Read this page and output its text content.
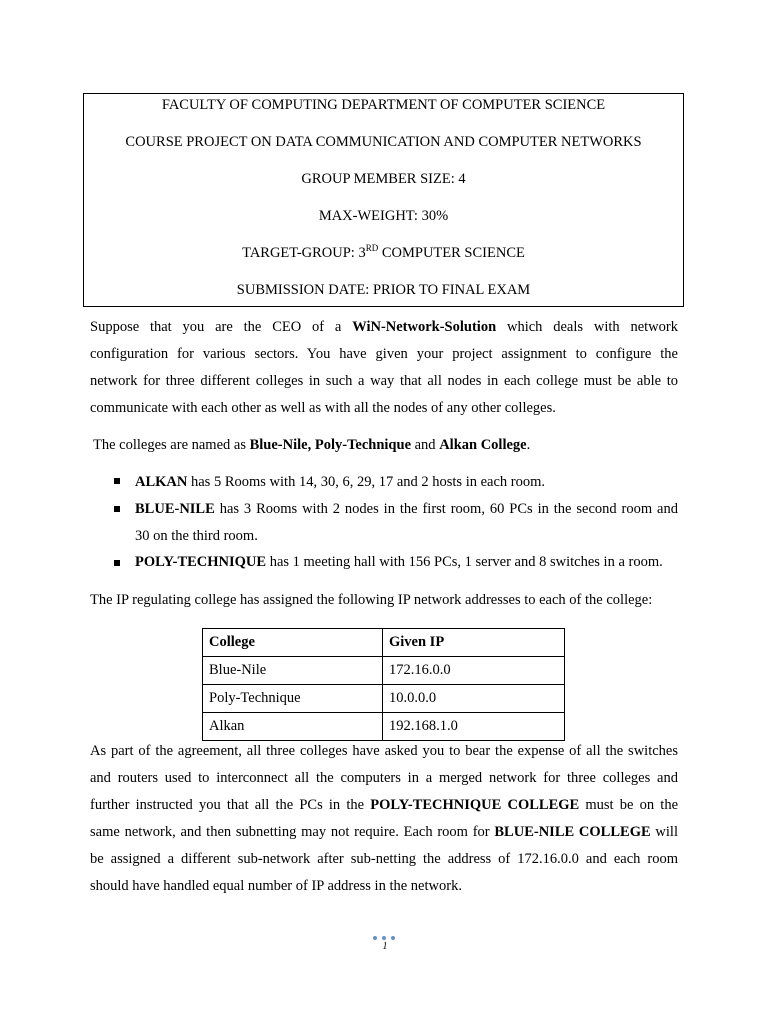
FACULTY OF COMPUTING DEPARTMENT OF COMPUTER SCIENCE
COURSE PROJECT ON DATA COMMUNICATION AND COMPUTER NETWORKS
GROUP MEMBER SIZE: 4
MAX-WEIGHT: 30%
TARGET-GROUP: 3RD COMPUTER SCIENCE
SUBMISSION DATE: PRIOR TO FINAL EXAM
Suppose that you are the CEO of a WiN-Network-Solution which deals with network
configuration for various sectors. You have given your project assignment to configure the
network for three different colleges in such a way that all nodes in each college must be able to
communicate with each other as well as with all the nodes of any other colleges.
The colleges are named as Blue-Nile, Poly-Technique and Alkan College.
ALKAN has 5 Rooms with 14, 30, 6, 29, 17 and 2 hosts in each room.
BLUE-NILE has 3 Rooms with 2 nodes in the first room, 60 PCs in the second room and
30 on the third room.
POLY-TECHNIQUE has 1 meeting hall with 156 PCs, 1 server and 8 switches in a room.
The IP regulating college has assigned the following IP network addresses to each of the college:
College	Given IP
Blue-Nile	172.16.0.0
Poly-Technique	10.0.0.0
Alkan	192.168.1.0
As part of the agreement, all three colleges have asked you to bear the expense of all the switches
and routers used to interconnect all the computers in a merged network for three colleges and
further instructed you that all the PCs in the POLY-TECHNIQUE COLLEGE must be on the
same network, and then subnetting may not require. Each room for BLUE-NILE COLLEGE will
be assigned a different sub-network after sub-netting the address of 172.16.0.0 and each room
should have handled equal number of IP address in the network.
1
